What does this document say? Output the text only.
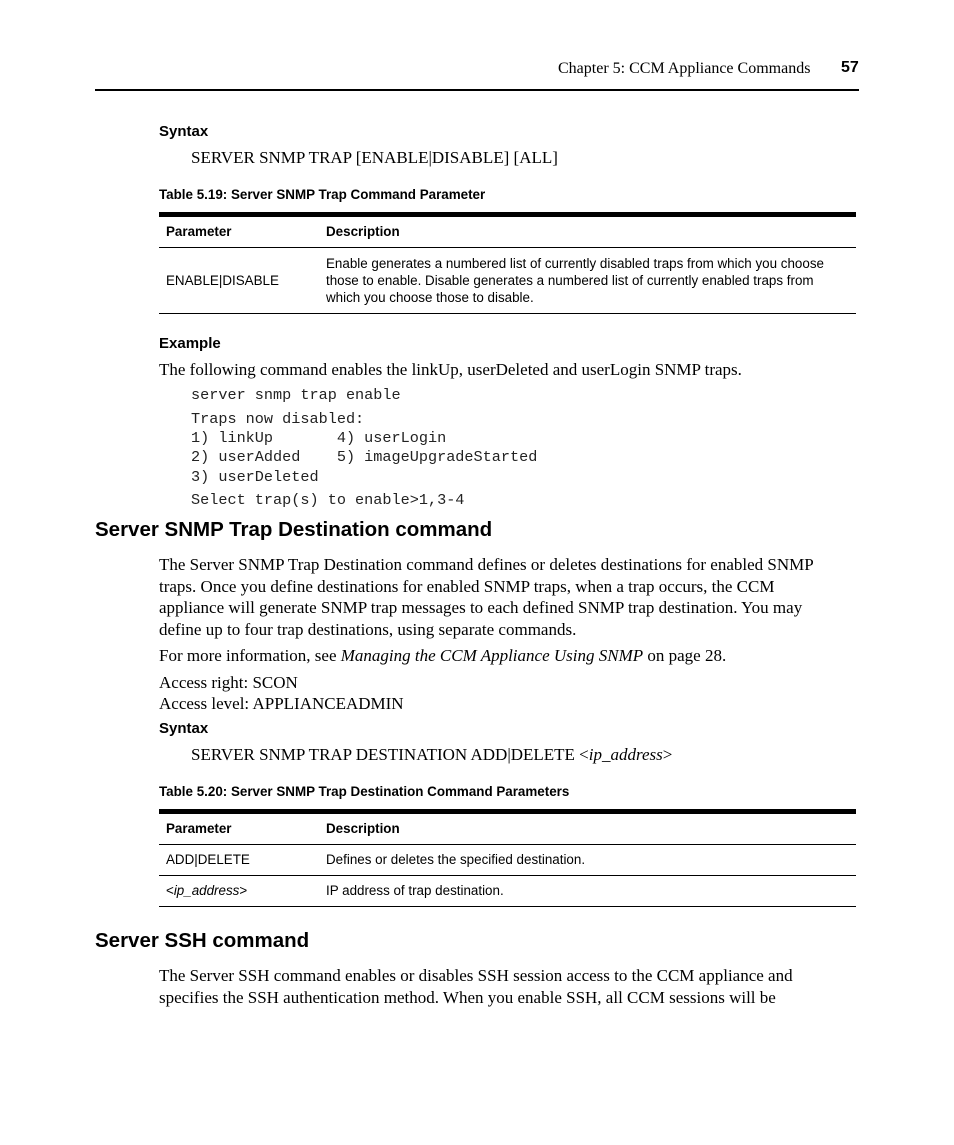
Chapter 5: CCM Appliance Commands 57
Syntax
SERVER SNMP TRAP [ENABLE|DISABLE] [ALL]
Table 5.19: Server SNMP Trap Command Parameter
Parameter	Description
ENABLE|DISABLE	Enable generates a numbered list of currently disabled traps from which you choose
those to enable. Disable generates a numbered list of currently enabled traps from
which you choose those to disable.
Example
The following command enables the linkUp, userDeleted and userLogin SNMP traps.
server snmp trap enable
Traps now disabled:
1) linkUp       4) userLogin
2) userAdded    5) imageUpgradeStarted
3) userDeleted
Select trap(s) to enable>1,3-4
Server SNMP Trap Destination command
The Server SNMP Trap Destination command defines or deletes destinations for enabled SNMP
traps. Once you define destinations for enabled SNMP traps, when a trap occurs, the CCM
appliance will generate SNMP trap messages to each defined SNMP trap destination. You may
define up to four trap destinations, using separate commands.
For more information, see Managing the CCM Appliance Using SNMP on page 28.
Access right: SCON
Access level: APPLIANCEADMIN
Syntax
SERVER SNMP TRAP DESTINATION ADD|DELETE <ip_address>
Table 5.20: Server SNMP Trap Destination Command Parameters
Parameter	Description
ADD|DELETE	Defines or deletes the specified destination.
<ip_address>	IP address of trap destination.
Server SSH command
The Server SSH command enables or disables SSH session access to the CCM appliance and
specifies the SSH authentication method. When you enable SSH, all CCM sessions will be
